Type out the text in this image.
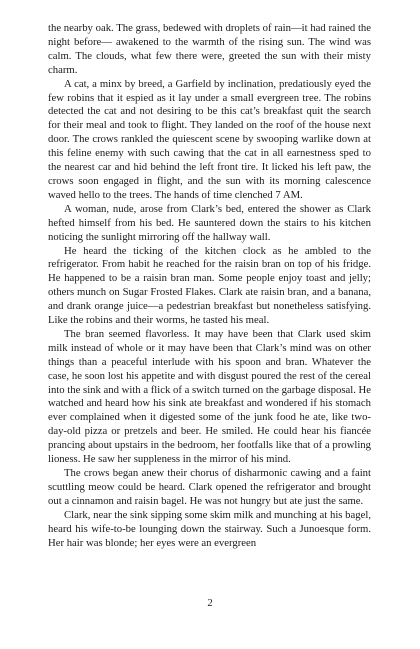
the nearby oak. The grass, bedewed with droplets of rain—it had rained the night before— awakened to the warmth of the rising sun. The wind was calm. The clouds, what few there were, greeted the sun with their misty charm.

A cat, a minx by breed, a Garfield by inclination, predatiously eyed the few robins that it espied as it lay under a small evergreen tree. The robins detected the cat and not desiring to be this cat’s breakfast quit the search for their meal and took to flight. They landed on the roof of the house next door. The crows rankled the quiescent scene by swooping warlike down at this feline enemy with such cawing that the cat in all earnestness sped to the nearest car and hid behind the left front tire. It licked his left paw, the crows soon engaged in flight, and the sun with its morning calescence waved hello to the trees. The hands of time clenched 7 AM.

A woman, nude, arose from Clark’s bed, entered the shower as Clark hefted himself from his bed. He sauntered down the stairs to his kitchen noticing the sunlight mirroring off the hallway wall.

He heard the ticking of the kitchen clock as he ambled to the refrigerator. From habit he reached for the raisin bran on top of his fridge. He happened to be a raisin bran man. Some people enjoy toast and jelly; others munch on Sugar Frosted Flakes. Clark ate raisin bran, and a banana, and drank orange juice—a pedestrian breakfast but nonetheless satisfying. Like the robins and their worms, he tasted his meal.

The bran seemed flavorless. It may have been that Clark used skim milk instead of whole or it may have been that Clark’s mind was on other things than a peaceful interlude with his spoon and bran. Whatever the case, he soon lost his appetite and with disgust poured the rest of the cereal into the sink and with a flick of a switch turned on the garbage disposal. He watched and heard how his sink ate breakfast and wondered if his stomach ever complained when it digested some of the junk food he ate, like two-day-old pizza or pretzels and beer. He smiled. He could hear his fiancée prancing about upstairs in the bedroom, her footfalls like that of a prowling lioness. He saw her suppleness in the mirror of his mind.

The crows began anew their chorus of disharmonic cawing and a faint scuttling meow could be heard. Clark opened the refrigerator and brought out a cinnamon and raisin bagel. He was not hungry but ate just the same.

Clark, near the sink sipping some skim milk and munching at his bagel, heard his wife-to-be lounging down the stairway. Such a Junoesque form. Her hair was blonde; her eyes were an evergreen

2
